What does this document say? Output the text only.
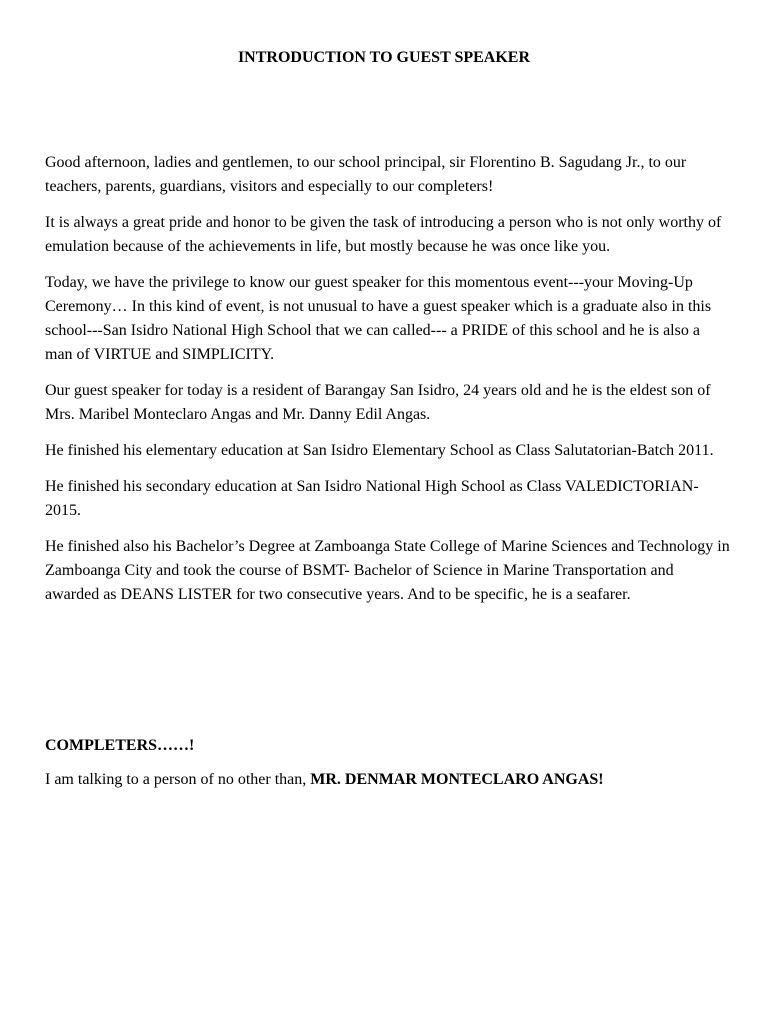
INTRODUCTION TO GUEST SPEAKER

Good afternoon, ladies and gentlemen, to our school principal, sir Florentino B. Sagudang Jr., to our teachers, parents, guardians, visitors and especially to our completers!

It is always a great pride and honor to be given the task of introducing a person who is not only worthy of emulation because of the achievements in life, but mostly because he was once like you.

Today, we have the privilege to know our guest speaker for this momentous event---your Moving-Up Ceremony… In this kind of event, is not unusual to have a guest speaker which is a graduate also in this school---San Isidro National High School that we can called--- a PRIDE of this school and he is also a man of VIRTUE and SIMPLICITY.

Our guest speaker for today is a resident of Barangay San Isidro, 24 years old and he is the eldest son of Mrs. Maribel Monteclaro Angas and Mr. Danny Edil Angas.

He finished his elementary education at San Isidro Elementary School as Class Salutatorian-Batch 2011.

He finished his secondary education at San Isidro National High School as Class VALEDICTORIAN- 2015.

He finished also his Bachelor’s Degree at Zamboanga State College of Marine Sciences and Technology in Zamboanga City and took the course of BSMT- Bachelor of Science in Marine Transportation and awarded as DEANS LISTER for two consecutive years. And to be specific, he is a seafarer.

COMPLETERS……!

I am talking to a person of no other than, MR. DENMAR MONTECLARO ANGAS!
